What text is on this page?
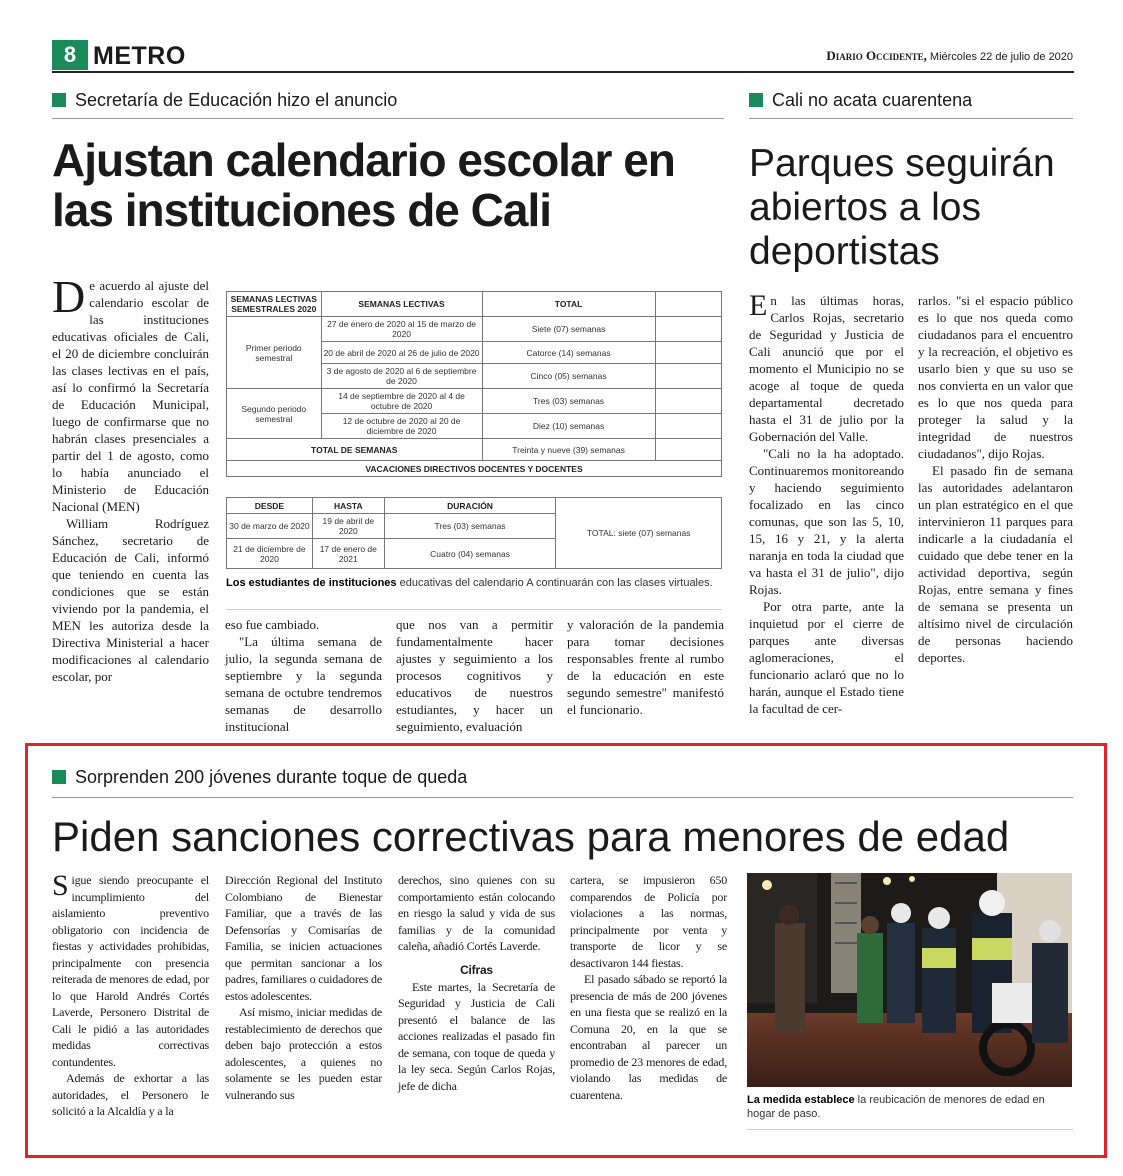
8 METRO	Diario Occidente, Miércoles 22 de julio de 2020
Secretaría de Educación hizo el anuncio
Ajustan calendario escolar en las instituciones de Cali

De acuerdo al ajuste del calendario escolar de las instituciones educativas oficiales de Cali, el 20 de diciembre concluirán las clases lectivas en el país, así lo confirmó la Secretaría de Educación Municipal, luego de confirmarse que no habrán clases presenciales a partir del 1 de agosto, como lo había anunciado el Ministerio de Educación Nacional (MEN)

William Rodríguez Sánchez, secretario de Educación de Cali, informó que teniendo en cuenta las condiciones que se están viviendo por la pandemia, el MEN les autoriza desde la Directiva Ministerial a hacer modificaciones al calendario escolar, por

SEMANAS LECTIVAS SEMESTRALES 2020	SEMANAS LECTIVAS	TOTAL	
Primer periodo semestral	27 de enero de 2020 al 15 de marzo de 2020	Siete (07) semanas	
	20 de abril de 2020 al 26 de julio de 2020	Catorce (14) semanas	
	3 de agosto de 2020 al 6 de septiembre de 2020	Cinco (05) semanas	
Segundo periodo semestral	14 de septiembre de 2020 al 4 de octubre de 2020	Tres (03) semanas	
	12 de octubre de 2020 al 20 de diciembre de 2020	Diez (10) semanas	
TOTAL DE SEMANAS		Treinta y nueve (39) semanas	
VACACIONES DIRECTIVOS DOCENTES Y DOCENTES			
DESDE	HASTA	DURACIÓN	TOTAL: siete (07) semanas
30 de marzo de 2020	19 de abril de 2020	Tres (03) semanas	
21 de diciembre de 2020	17 de enero de 2021	Cuatro (04) semanas	
Los estudiantes de instituciones educativas del calendario A continuarán con las clases virtuales.

eso fue cambiado.

"La última semana de julio, la segunda semana de septiembre y la segunda semana de octubre tendremos semanas de desarrollo institucional

que nos van a permitir fundamentalmente hacer ajustes y seguimiento a los procesos cognitivos y educativos de nuestros estudiantes, y hacer un seguimiento, evaluación

y valoración de la pandemia para tomar decisiones responsables frente al rumbo de la educación en este segundo semestre" manifestó el funcionario.

Cali no acata cuarentena
Parques seguirán abiertos a los deportistas

En las últimas horas, Carlos Rojas, secretario de Seguridad y Justicia de Cali anunció que por el momento el Municipio no se acoge al toque de queda departamental decretado hasta el 31 de julio por la Gobernación del Valle.

"Cali no la ha adoptado. Continuaremos monitoreando y haciendo seguimiento focalizado en las cinco comunas, que son las 5, 10, 15, 16 y 21, y la alerta naranja en toda la ciudad que va hasta el 31 de julio", dijo Rojas.

Por otra parte, ante la inquietud por el cierre de parques ante diversas aglomeraciones, el funcionario aclaró que no lo harán, aunque el Estado tiene la facultad de cer-

rarlos. "si el espacio público es lo que nos queda como ciudadanos para el encuentro y la recreación, el objetivo es usarlo bien y que su uso se nos convierta en un valor que es lo que nos queda para proteger la salud y la integridad de nuestros ciudadanos", dijo Rojas.

El pasado fin de semana las autoridades adelantaron un plan estratégico en el que intervinieron 11 parques para indicarle a la ciudadanía el cuidado que debe tener en la actividad deportiva, según Rojas, entre semana y fines de semana se presenta un altísimo nivel de circulación de personas haciendo deportes.

Sorprenden 200 jóvenes durante toque de queda
Piden sanciones correctivas para menores de edad

Sigue siendo preocupante el incumplimiento del aislamiento preventivo obligatorio con incidencia de fiestas y actividades prohibidas, principalmente con presencia reiterada de menores de edad, por lo que Harold Andrés Cortés Laverde, Personero Distrital de Cali le pidió a las autoridades medidas correctivas contundentes.

Además de exhortar a las autoridades, el Personero le solicitó a la Alcaldía y a la

Dirección Regional del Instituto Colombiano de Bienestar Familiar, que a través de las Defensorías y Comisarías de Familia, se inicien actuaciones que permitan sancionar a los padres, familiares o cuidadores de estos adolescentes.

Así mismo, iniciar medidas de restablecimiento de derechos que deben bajo protección a estos adolescentes, a quienes no solamente se les pueden estar vulnerando sus

derechos, sino quienes con su comportamiento están colocando en riesgo la salud y vida de sus familias y de la comunidad caleña, añadió Cortés Laverde.

Cifras

Este martes, la Secretaría de Seguridad y Justicia de Cali presentó el balance de las acciones realizadas el pasado fin de semana, con toque de queda y la ley seca. Según Carlos Rojas, jefe de dicha

cartera, se impusieron 650 comparendos de Policía por violaciones a las normas, principalmente por venta y transporte de licor y se desactivaron 144 fiestas.

El pasado sábado se reportó la presencia de más de 200 jóvenes en una fiesta que se realizó en la Comuna 20, en la que se encontraban al parecer un promedio de 23 menores de edad, violando las medidas de cuarentena.	La medida establece la reubicación de menores de edad en hogar de paso.
